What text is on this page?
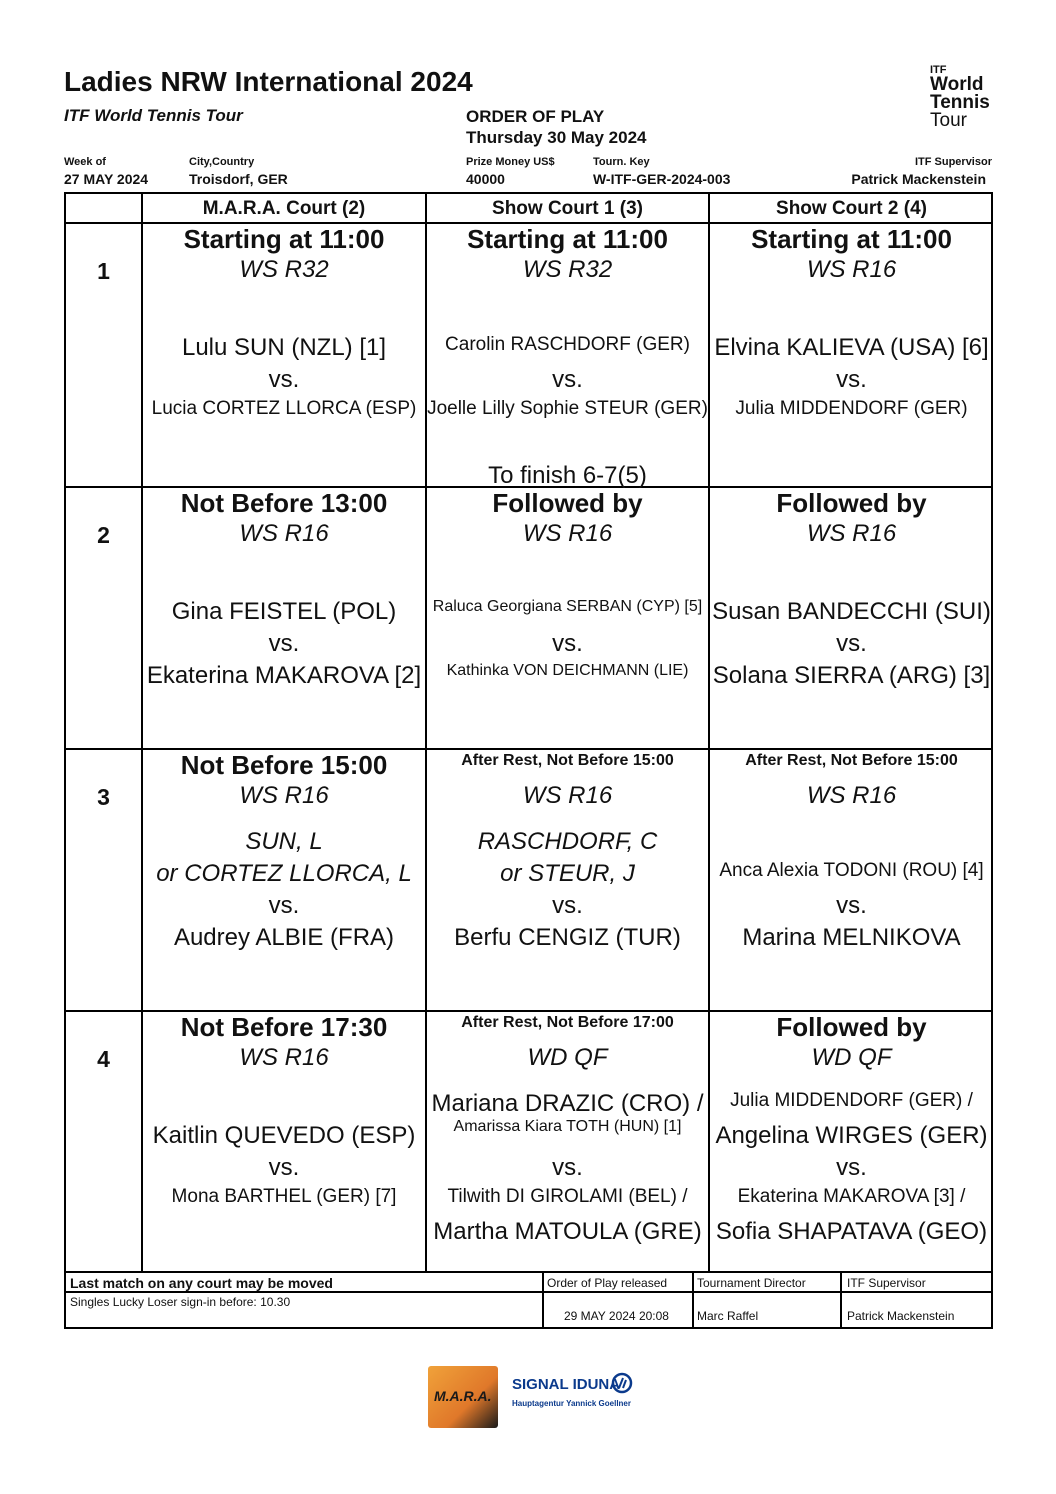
Ladies NRW International 2024
ITF World Tennis Tour	ORDER OF PLAY
Thursday 30 May 2024
ITF
World
Tennis
Tour
Week of
27 MAY 2024
City,Country
Troisdorf, GER
Prize Money US$
40000
Tourn. Key
W-ITF-GER-2024-003
ITF Supervisor
Patrick Mackenstein
M.A.R.A. Court (2)	Show Court 1 (3)	Show Court 2 (4)
1
Starting at 11:00
WS R32
Lulu SUN (NZL) [1]
vs.
Lucia CORTEZ LLORCA (ESP)
Starting at 11:00
WS R32
Carolin RASCHDORF (GER)
vs.
Joelle Lilly Sophie STEUR (GER)
To finish 6-7(5)
Starting at 11:00
WS R16
Elvina KALIEVA (USA) [6]
vs.
Julia MIDDENDORF (GER)
2
Not Before 13:00
WS R16
Gina FEISTEL (POL)
vs.
Ekaterina MAKAROVA [2]
Followed by
WS R16
Raluca Georgiana SERBAN (CYP) [5]
vs.
Kathinka VON DEICHMANN (LIE)
Followed by
WS R16
Susan BANDECCHI (SUI)
vs.
Solana SIERRA (ARG) [3]
3
Not Before 15:00
WS R16
SUN, L
or CORTEZ LLORCA, L
vs.
Audrey ALBIE (FRA)
After Rest, Not Before 15:00
WS R16
RASCHDORF, C
or STEUR, J
vs.
Berfu CENGIZ (TUR)
After Rest, Not Before 15:00
WS R16
Anca Alexia TODONI (ROU) [4]
vs.
Marina MELNIKOVA
4
Not Before 17:30
WS R16
Kaitlin QUEVEDO (ESP)
vs.
Mona BARTHEL (GER) [7]
After Rest, Not Before 17:00
WD QF
Mariana DRAZIC (CRO) /
Amarissa Kiara TOTH (HUN) [1]
vs.
Tilwith DI GIROLAMI (BEL) /
Martha MATOULA (GRE)
Followed by
WD QF
Julia MIDDENDORF (GER) /
Angelina WIRGES (GER)
vs.
Ekaterina MAKAROVA [3] /
Sofia SHAPATAVA (GEO)
Last match on any court may be moved
Singles Lucky Loser sign-in before: 10.30
Order of Play released
29 MAY 2024 20:08
Tournament Director
Marc Raffel
ITF Supervisor
Patrick Mackenstein
M.A.R.A.
SIGNAL IDUNA
Hauptagentur Yannick Goellner
